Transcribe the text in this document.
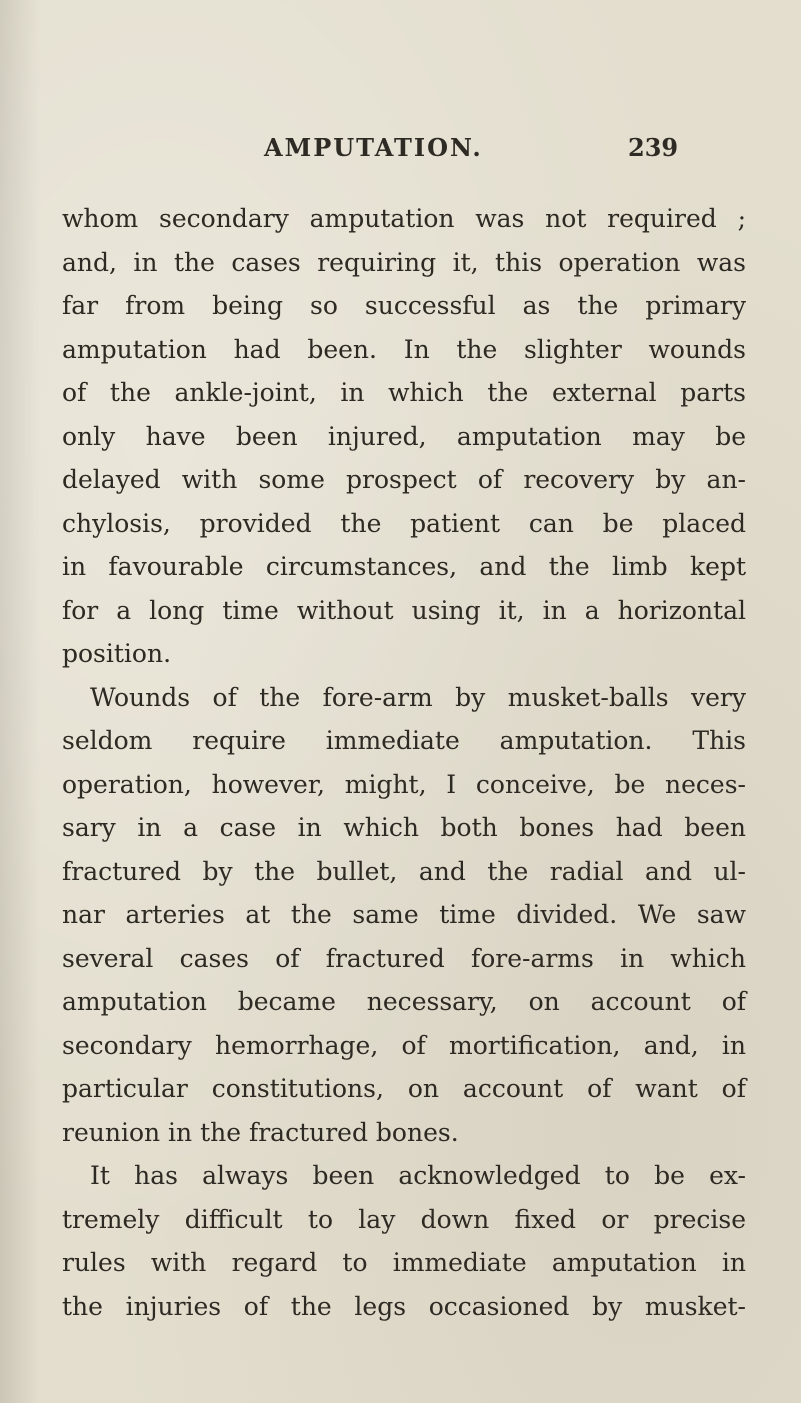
AMPUTATION.	239
whom secondary amputation was not required ;
and, in the cases requiring it, this operation was
far from being so successful as the primary
amputation had been. In the slighter wounds
of the ankle-joint, in which the external parts
only have been injured, amputation may be
delayed with some prospect of recovery by an-
chylosis, provided the patient can be placed
in favourable circumstances, and the limb kept
for a long time without using it, in a horizontal
position.
Wounds of the fore-arm by musket-balls very
seldom require immediate amputation. This
operation, however, might, I conceive, be neces-
sary in a case in which both bones had been
fractured by the bullet, and the radial and ul-
nar arteries at the same time divided. We saw
several cases of fractured fore-arms in which
amputation became necessary, on account of
secondary hemorrhage, of mortification, and, in
particular constitutions, on account of want of
reunion in the fractured bones.
It has always been acknowledged to be ex-
tremely difficult to lay down fixed or precise
rules with regard to immediate amputation in
the injuries of the legs occasioned by musket-
